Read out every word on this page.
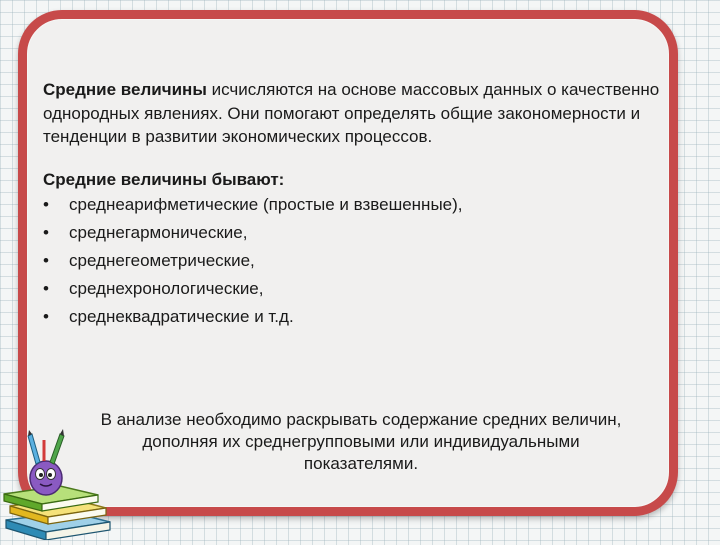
Средние величины исчисляются на основе массовых данных о качественно однородных явлениях. Они помогают определять общие закономерности и тенденции в развитии экономических процессов.
Средние величины бывают:
• среднеарифметические (простые и взвешенные),
• среднегармонические,
• среднегеометрические,
• среднехронологические,
• среднеквадратические и т.д.
В анализе необходимо раскрывать содержание средних величин,
дополняя их среднегрупповыми или индивидуальными
показателями.
